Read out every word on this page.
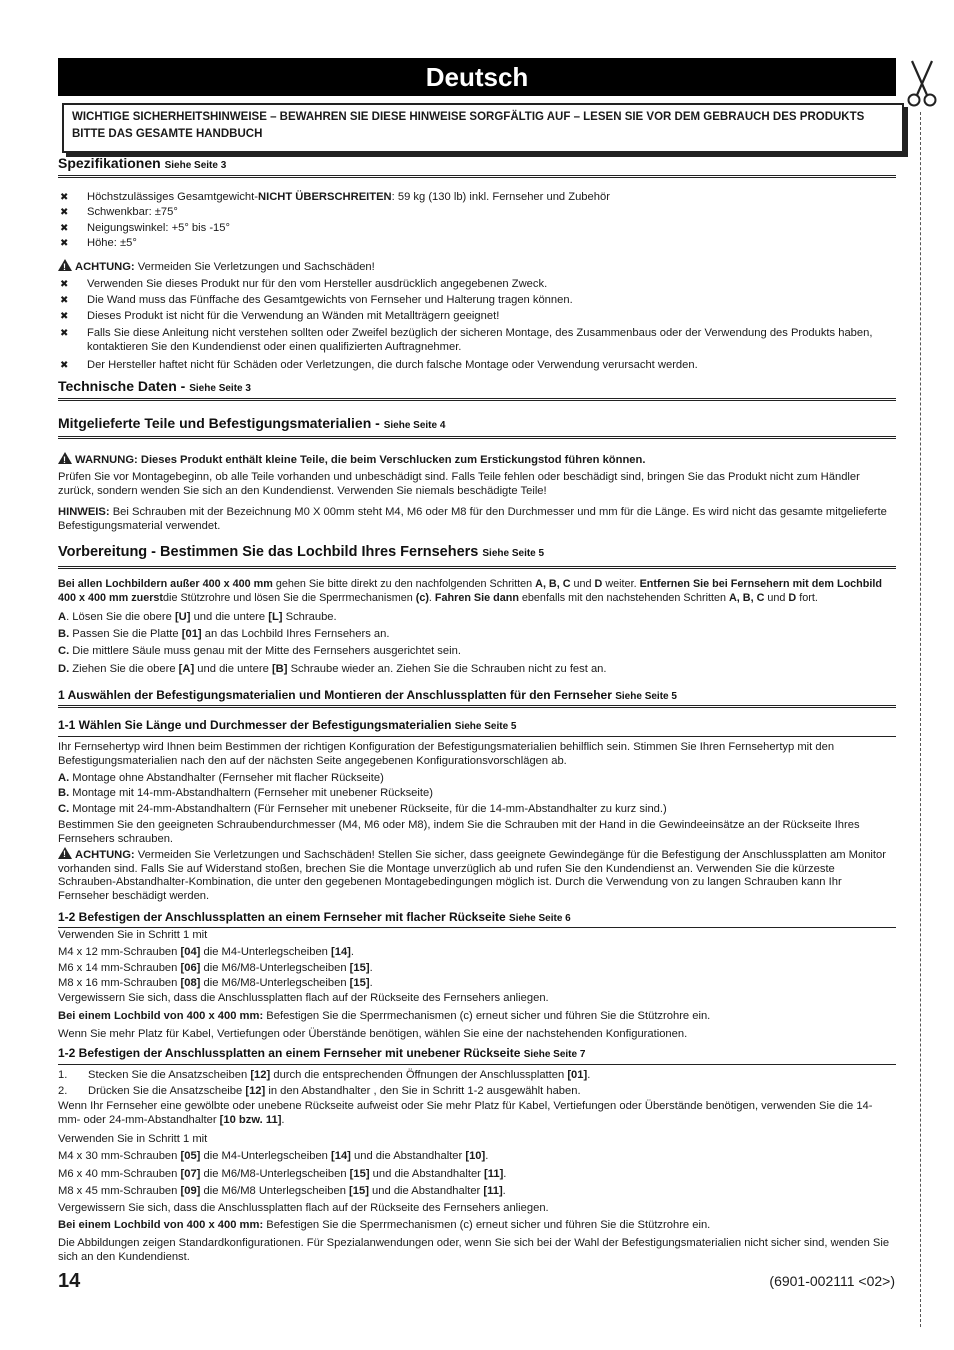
Deutsch
WICHTIGE SICHERHEITSHINWEISE – BEWAHREN SIE DIESE HINWEISE SORGFÄLTIG AUF – LESEN SIE VOR DEM GEBRAUCH DES PRODUKTS BITTE DAS GESAMTE HANDBUCH
Spezifikationen Siehe Seite 3
✖ Höchstzulässiges Gesamtgewicht-NICHT ÜBERSCHREITEN: 59 kg (130 lb) inkl. Fernseher und Zubehör
✖ Schwenkbar: ±75°
✖ Neigungswinkel: +5° bis -15°
✖ Höhe: ±5°
!ACHTUNG: Vermeiden Sie Verletzungen und Sachschäden!
✖ Verwenden Sie dieses Produkt nur für den vom Hersteller ausdrücklich angegebenen Zweck.
✖ Die Wand muss das Fünffache des Gesamtgewichts von Fernseher und Halterung tragen können.
✖ Dieses Produkt ist nicht für die Verwendung an Wänden mit Metallträgern geeignet!
✖ Falls Sie diese Anleitung nicht verstehen sollten oder Zweifel bezüglich der sicheren Montage, des Zusammenbaus oder der Verwendung des Produkts haben, kontaktieren Sie den Kundendienst oder einen qualifizierten Auftragnehmer.
✖ Der Hersteller haftet nicht für Schäden oder Verletzungen, die durch falsche Montage oder Verwendung verursacht werden.
Technische Daten - Siehe Seite 3
Mitgelieferte Teile und Befestigungsmaterialien - Siehe Seite 4
!WARNUNG: Dieses Produkt enthält kleine Teile, die beim Verschlucken zum Erstickungstod führen können.
Prüfen Sie vor Montagebeginn, ob alle Teile vorhanden und unbeschädigt sind. Falls Teile fehlen oder beschädigt sind, bringen Sie das Produkt nicht zum Händler zurück, sondern wenden Sie sich an den Kundendienst. Verwenden Sie niemals beschädigte Teile!
HINWEIS: Bei Schrauben mit der Bezeichnung M0 X 00mm steht M4, M6 oder M8 für den Durchmesser und mm für die Länge. Es wird nicht das gesamte mitgelieferte Befestigungsmaterial verwendet.
Vorbereitung - Bestimmen Sie das Lochbild Ihres Fernsehers Siehe Seite 5
Bei allen Lochbildern außer 400 x 400 mm gehen Sie bitte direkt zu den nachfolgenden Schritten A, B, C und D weiter. Entfernen Sie bei Fernsehern mit dem Lochbild 400 x 400 mm zuerstdie Stützrohre und lösen Sie die Sperrmechanismen (c). Fahren Sie dann ebenfalls mit den nachstehenden Schritten A, B, C und D fort.
A. Lösen Sie die obere [U] und die untere [L] Schraube.
B. Passen Sie die Platte [01] an das Lochbild Ihres Fernsehers an.
C. Die mittlere Säule muss genau mit der Mitte des Fernsehers ausgerichtet sein.
D. Ziehen Sie die obere [A] und die untere [B] Schraube wieder an. Ziehen Sie die Schrauben nicht zu fest an.
1 Auswählen der Befestigungsmaterialien und Montieren der Anschlussplatten für den Fernseher Siehe Seite 5
1-1 Wählen Sie Länge und Durchmesser der Befestigungsmaterialien Siehe Seite 5
Ihr Fernsehertyp wird Ihnen beim Bestimmen der richtigen Konfiguration der Befestigungsmaterialien behilflich sein. Stimmen Sie Ihren Fernsehertyp mit den Befestigungsmaterialien nach den auf der nächsten Seite angegebenen Konfigurationsvorschlägen ab.
A. Montage ohne Abstandhalter (Fernseher mit flacher Rückseite)
B. Montage mit 14-mm-Abstandhaltern (Fernseher mit unebener Rückseite)
C. Montage mit 24-mm-Abstandhaltern (Für Fernseher mit unebener Rückseite, für die 14-mm-Abstandhalter zu kurz sind.)
Bestimmen Sie den geeigneten Schraubendurchmesser (M4, M6 oder M8), indem Sie die Schrauben mit der Hand in die Gewindeeinsätze an der Rückseite Ihres Fernsehers schrauben.
!ACHTUNG: Vermeiden Sie Verletzungen und Sachschäden! Stellen Sie sicher, dass geeignete Gewindegänge für die Befestigung der Anschlussplatten am Monitor vorhanden sind. Falls Sie auf Widerstand stoßen, brechen Sie die Montage unverzüglich ab und rufen Sie den Kundendienst an. Verwenden Sie die kürzeste Schrauben-Abstandhalter-Kombination, die unter den gegebenen Montagebedingungen möglich ist. Durch die Verwendung von zu langen Schrauben kann Ihr Fernseher beschädigt werden.
1-2 Befestigen der Anschlussplatten an einem Fernseher mit flacher Rückseite Siehe Seite 6
Verwenden Sie in Schritt 1 mit
M4 x 12 mm-Schrauben [04] die M4-Unterlegscheiben [14].
M6 x 14 mm-Schrauben [06] die M6/M8-Unterlegscheiben [15].
M8 x 16 mm-Schrauben [08] die M6/M8-Unterlegscheiben [15].
Vergewissern Sie sich, dass die Anschlussplatten flach auf der Rückseite des Fernsehers anliegen.
Bei einem Lochbild von 400 x 400 mm: Befestigen Sie die Sperrmechanismen (c) erneut sicher und führen Sie die Stützrohre ein.
Wenn Sie mehr Platz für Kabel, Vertiefungen oder Überstände benötigen, wählen Sie eine der nachstehenden Konfigurationen.
1-2 Befestigen der Anschlussplatten an einem Fernseher mit unebener Rückseite Siehe Seite 7
1. Stecken Sie die Ansatzscheiben [12] durch die entsprechenden Öffnungen der Anschlussplatten [01].
2. Drücken Sie die Ansatzscheibe [12] in den Abstandhalter , den Sie in Schritt 1-2 ausgewählt haben.
Wenn Ihr Fernseher eine gewölbte oder unebene Rückseite aufweist oder Sie mehr Platz für Kabel, Vertiefungen oder Überstände benötigen, verwenden Sie die 14-mm- oder 24-mm-Abstandhalter [10 bzw. 11].
Verwenden Sie in Schritt 1 mit
M4 x 30 mm-Schrauben [05] die M4-Unterlegscheiben [14] und die Abstandhalter [10].
M6 x 40 mm-Schrauben [07] die M6/M8-Unterlegscheiben [15] und die Abstandhalter [11].
M8 x 45 mm-Schrauben [09] die M6/M8 Unterlegscheiben [15] und die Abstandhalter [11].
Vergewissern Sie sich, dass die Anschlussplatten flach auf der Rückseite des Fernsehers anliegen.
Bei einem Lochbild von 400 x 400 mm: Befestigen Sie die Sperrmechanismen (c) erneut sicher und führen Sie die Stützrohre ein.
Die Abbildungen zeigen Standardkonfigurationen. Für Spezialanwendungen oder, wenn Sie sich bei der Wahl der Befestigungsmaterialien nicht sicher sind, wenden Sie sich an den Kundendienst.
14	(6901-002111 <02>)
